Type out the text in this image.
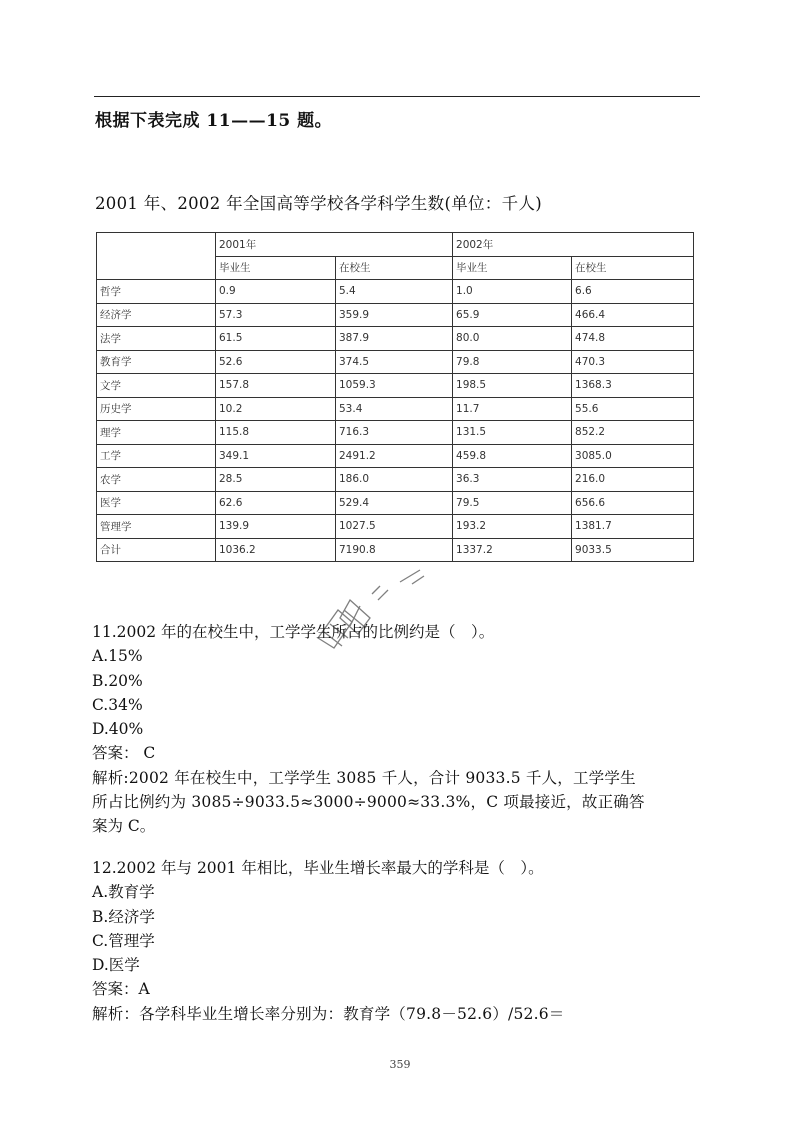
根据下表完成 11——15 题。
2001 年、2002 年全国高等学校各学科学生数(单位：千人)
	2001年		2002年	
	毕业生	在校生	毕业生	在校生
哲学	0.9	5.4	1.0	6.6
经济学	57.3	359.9	65.9	466.4
法学	61.5	387.9	80.0	474.8
教育学	52.6	374.5	79.8	470.3
文学	157.8	1059.3	198.5	1368.3
历史学	10.2	53.4	11.7	55.6
理学	115.8	716.3	131.5	852.2
工学	349.1	2491.2	459.8	3085.0
农学	28.5	186.0	36.3	216.0
医学	62.6	529.4	79.5	656.6
管理学	139.9	1027.5	193.2	1381.7
合计	1036.2	7190.8	1337.2	9033.5
11.2002 年的在校生中，工学学生所占的比例约是（　）。
A.15%
B.20%
C.34%
D.40%
答案： C
解析:2002 年在校生中，工学学生 3085 千人，合计 9033.5 千人，工学学生
所占比例约为 3085÷9033.5≈3000÷9000≈33.3%，C 项最接近，故正确答
案为 C。
12.2002 年与 2001 年相比，毕业生增长率最大的学科是（　）。
A.教育学
B.经济学
C.管理学
D.医学
答案：A
解析：各学科毕业生增长率分别为：教育学（79.8－52.6）/52.6＝
359
